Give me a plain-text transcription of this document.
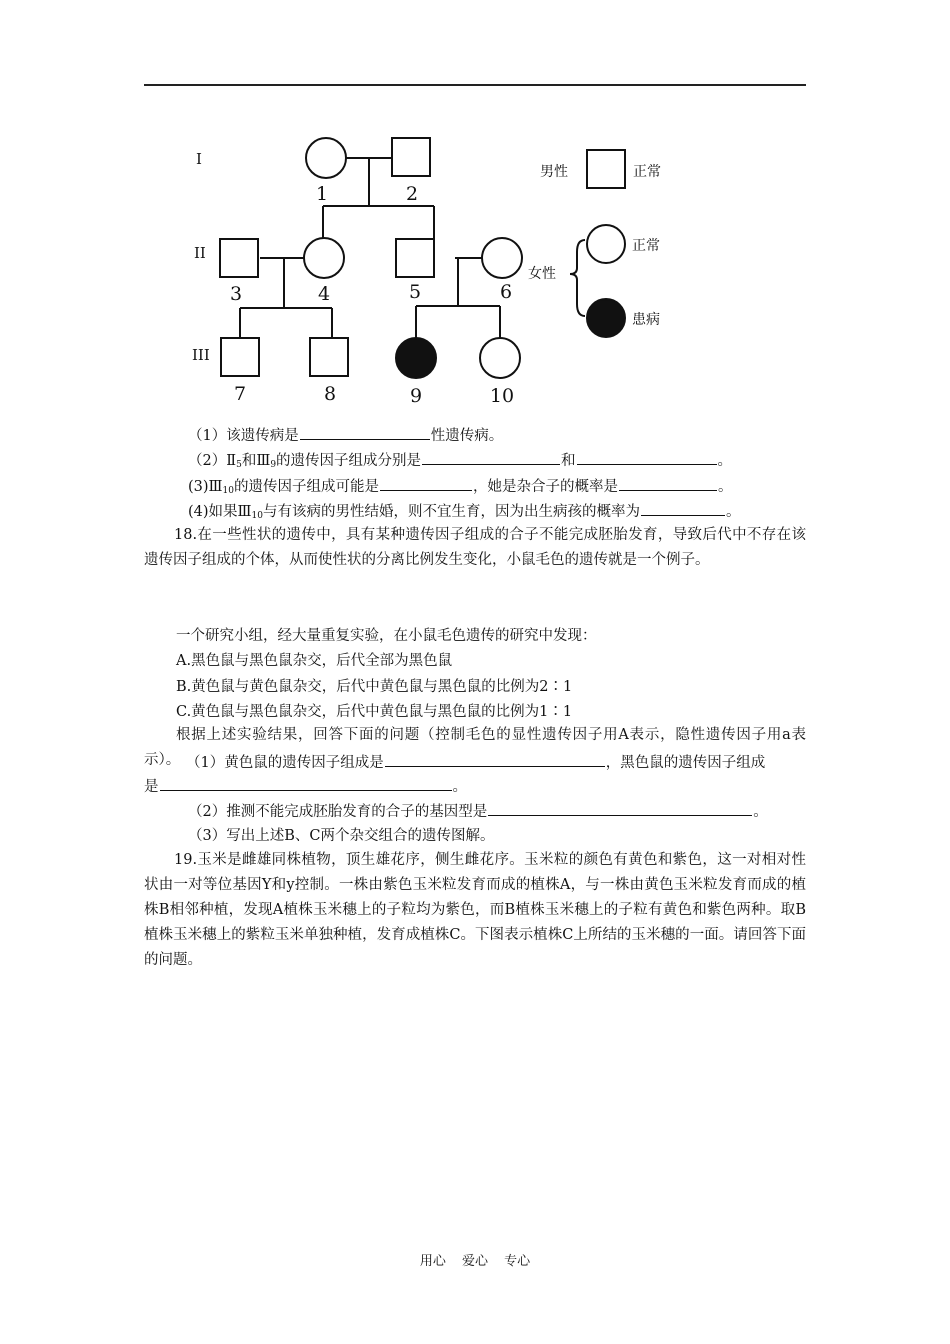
I
II
III
1	2
3	4	5	6
7	8	9	10
男性	正常
女性
正常
患病
（1）该遗传病是	性遗传病。
$(2)Ⅱ_5$和$Ⅲ_9$的遗传因子组成分别是	和	。
$(3)Ⅲ_{10}$的遗传因子组成可能是	，她是杂合子的概率是	。
(4)如果$Ⅲ_{10}$与有该病的男性结婚，则不宜生育，因为出生病孩的概率为	。
18.在一些性状的遗传中，具有某种遗传因子组成的合子不能完成胚胎发育，导致后代中不存在该遗传因子组成的个体，从而使性状的分离比例发生变化，小鼠毛色的遗传就是一个例子。
一个研究小组，经大量重复实验，在小鼠毛色遗传的研究中发现：
A.黑色鼠与黑色鼠杂交，后代全部为黑色鼠
B.黄色鼠与黄色鼠杂交，后代中黄色鼠与黑色鼠的比例为2∶1
C.黄色鼠与黑色鼠杂交，后代中黄色鼠与黑色鼠的比例为1∶1
根据上述实验结果，回答下面的问题（控制毛色的显性遗传因子用A表示，隐性遗传因子用a表示）。 （1）黄色鼠的遗传因子组成是	，黑色鼠的遗传因子组成
是	。
（2）推测不能完成胚胎发育的合子的基因型是	。
（3）写出上述B、C两个杂交组合的遗传图解。
19.玉米是雌雄同株植物，顶生雄花序，侧生雌花序。玉米粒的颜色有黄色和紫色，这一对相对性状由一对等位基因Y和y控制。一株由紫色玉米粒发育而成的植株A，与一株由黄色玉米粒发育而成的植株B相邻种植，发现A植株玉米穗上的子粒均为紫色，而B植株玉米穗上的子粒有黄色和紫色两种。取B植株玉米穗上的紫粒玉米单独种植，发育成植株C。下图表示植株C上所结的玉米穗的一面。请回答下面的问题。
用心 爱心 专心
